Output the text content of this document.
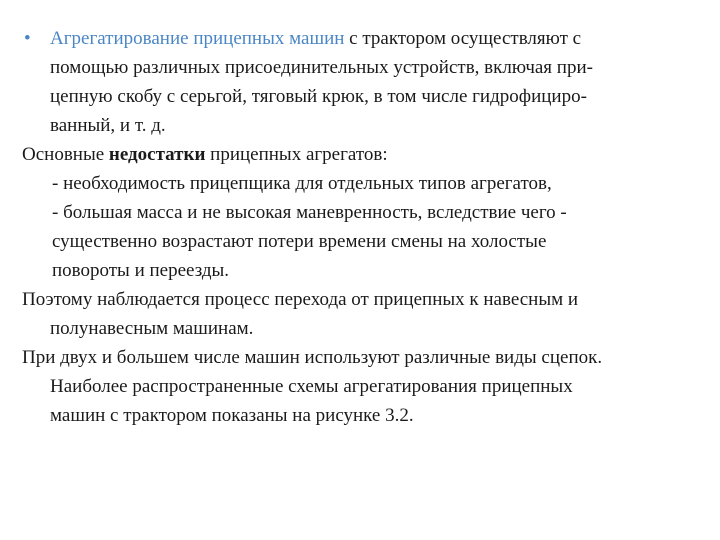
• Агрегатирование прицепных машин с трактором осуществляют с
помощью различных присоединительных устройств, включая при-
цепную скобу с серьгой, тяговый крюк, в том числе гидрофициро-
ванный, и т. д.
Основные недостатки прицепных агрегатов:
- необходимость прицепщика для отдельных типов агрегатов,
- большая масса и не высокая маневренность, вследствие чего -
существенно возрастают потери времени смены на холостые
повороты и переезды.
Поэтому наблюдается процесс перехода от прицепных к навесным и
полунавесным машинам.
При двух и большем числе машин используют различные виды сцепок.
Наиболее распространенные схемы агрегатирования прицепных
машин с трактором показаны на рисунке 3.2.
